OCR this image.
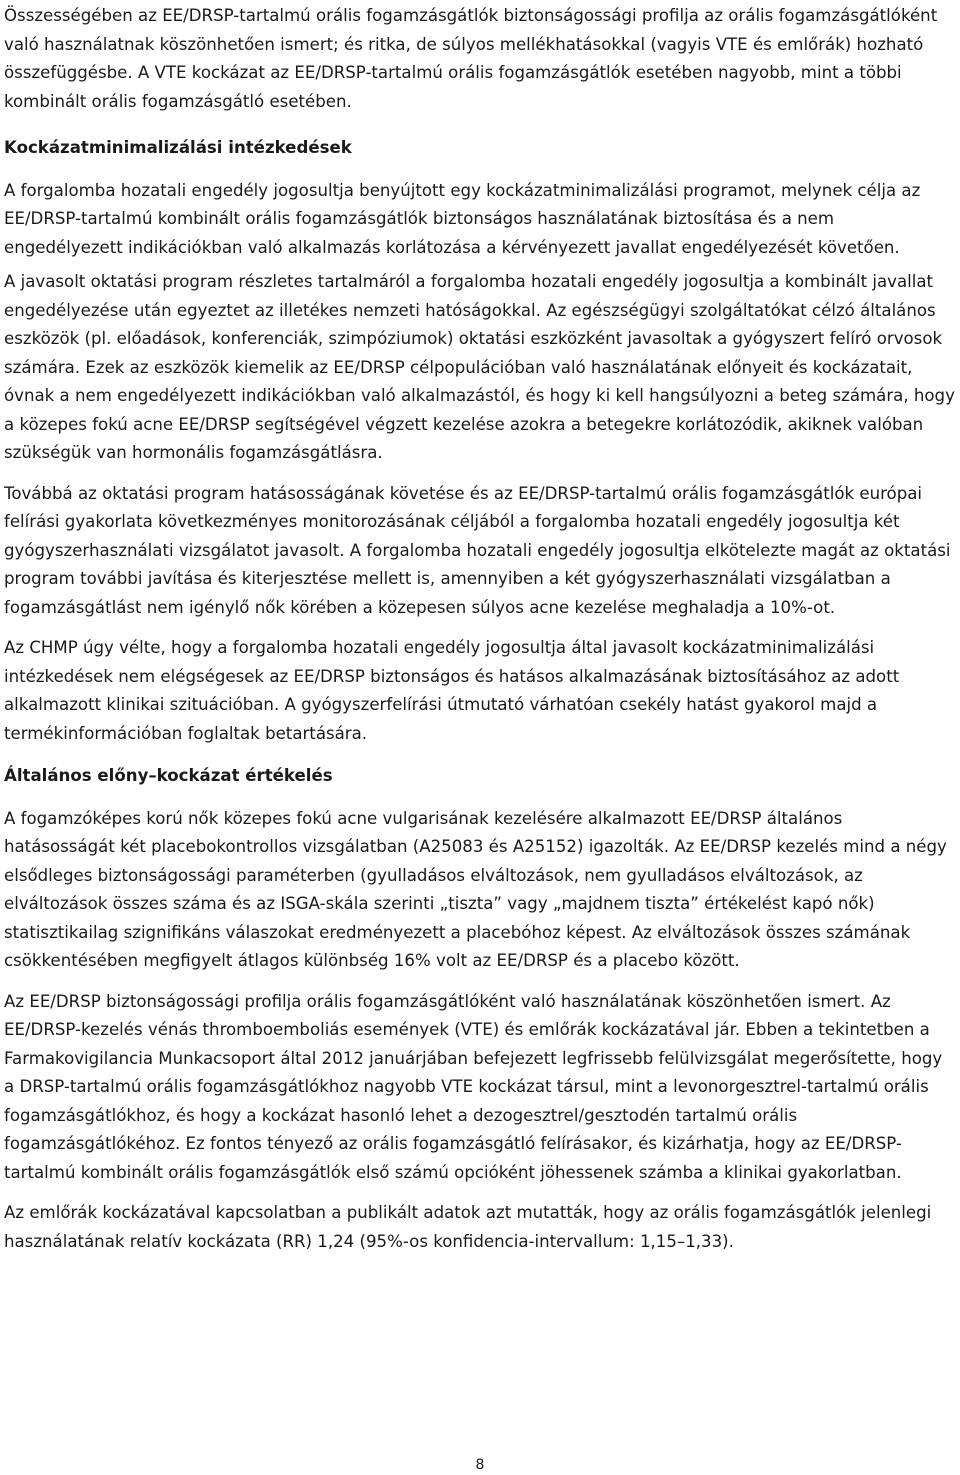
Összességében az EE/DRSP-tartalmú orális fogamzásgátlók biztonságossági profilja az orális fogamzásgátlóként való használatnak köszönhetően ismert; és ritka, de súlyos mellékhatásokkal (vagyis VTE és emlőrák) hozható összefüggésbe. A VTE kockázat az EE/DRSP-tartalmú orális fogamzásgátlók esetében nagyobb, mint a többi kombinált orális fogamzásgátló esetében.

Kockázatminimalizálási intézkedések

A forgalomba hozatali engedély jogosultja benyújtott egy kockázatminimalizálási programot, melynek célja az EE/DRSP-tartalmú kombinált orális fogamzásgátlók biztonságos használatának biztosítása és a nem engedélyezett indikációkban való alkalmazás korlátozása a kérvényezett javallat engedélyezését követően.

A javasolt oktatási program részletes tartalmáról a forgalomba hozatali engedély jogosultja a kombinált javallat engedélyezése után egyeztet az illetékes nemzeti hatóságokkal. Az egészségügyi szolgáltatókat célzó általános eszközök (pl. előadások, konferenciák, szimpóziumok) oktatási eszközként javasoltak a gyógyszert felíró orvosok számára. Ezek az eszközök kiemelik az EE/DRSP célpopulációban való használatának előnyeit és kockázatait, óvnak a nem engedélyezett indikációkban való alkalmazástól, és hogy ki kell hangsúlyozni a beteg számára, hogy a közepes fokú acne EE/DRSP segítségével végzett kezelése azokra a betegekre korlátozódik, akiknek valóban szükségük van hormonális fogamzásgátlásra.

Továbbá az oktatási program hatásosságának követése és az EE/DRSP-tartalmú orális fogamzásgátlók európai felírási gyakorlata következményes monitorozásának céljából a forgalomba hozatali engedély jogosultja két gyógyszerhasználati vizsgálatot javasolt. A forgalomba hozatali engedély jogosultja elkötelezte magát az oktatási program további javítása és kiterjesztése mellett is, amennyiben a két gyógyszerhasználati vizsgálatban a fogamzásgátlást nem igénylő nők körében a közepesen súlyos acne kezelése meghaladja a 10%-ot.

Az CHMP úgy vélte, hogy a forgalomba hozatali engedély jogosultja által javasolt kockázatminimalizálási intézkedések nem elégségesek az EE/DRSP biztonságos és hatásos alkalmazásának biztosításához az adott alkalmazott klinikai szituációban. A gyógyszerfelírási útmutató várhatóan csekély hatást gyakorol majd a termékinformációban foglaltak betartására.

Általános előny–kockázat értékelés

A fogamzóképes korú nők közepes fokú acne vulgarisának kezelésére alkalmazott EE/DRSP általános hatásosságát két placebokontrollos vizsgálatban (A25083 és A25152) igazolták. Az EE/DRSP kezelés mind a négy elsődleges biztonságossági paraméterben (gyulladásos elváltozások, nem gyulladásos elváltozások, az elváltozások összes száma és az ISGA-skála szerinti „tiszta” vagy „majdnem tiszta” értékelést kapó nők) statisztikailag szignifikáns válaszokat eredményezett a placebóhoz képest. Az elváltozások összes számának csökkentésében megfigyelt átlagos különbség 16% volt az EE/DRSP és a placebo között.

Az EE/DRSP biztonságossági profilja orális fogamzásgátlóként való használatának köszönhetően ismert. Az EE/DRSP-kezelés vénás thromboemboliás események (VTE) és emlőrák kockázatával jár. Ebben a tekintetben a Farmakovigilancia Munkacsoport által 2012 januárjában befejezett legfrissebb felülvizsgálat megerősítette, hogy a DRSP-tartalmú orális fogamzásgátlókhoz nagyobb VTE kockázat társul, mint a levonorgesztrel-tartalmú orális fogamzásgátlókhoz, és hogy a kockázat hasonló lehet a dezogesztrel/gesztodén tartalmú orális fogamzásgátlókéhoz. Ez fontos tényező az orális fogamzásgátló felírásakor, és kizárhatja, hogy az EE/DRSP-tartalmú kombinált orális fogamzásgátlók első számú opcióként jöhessenek számba a klinikai gyakorlatban.

Az emlőrák kockázatával kapcsolatban a publikált adatok azt mutatták, hogy az orális fogamzásgátlók jelenlegi használatának relatív kockázata (RR) 1,24 (95%-os konfidencia-intervallum: 1,15–1,33).

8
